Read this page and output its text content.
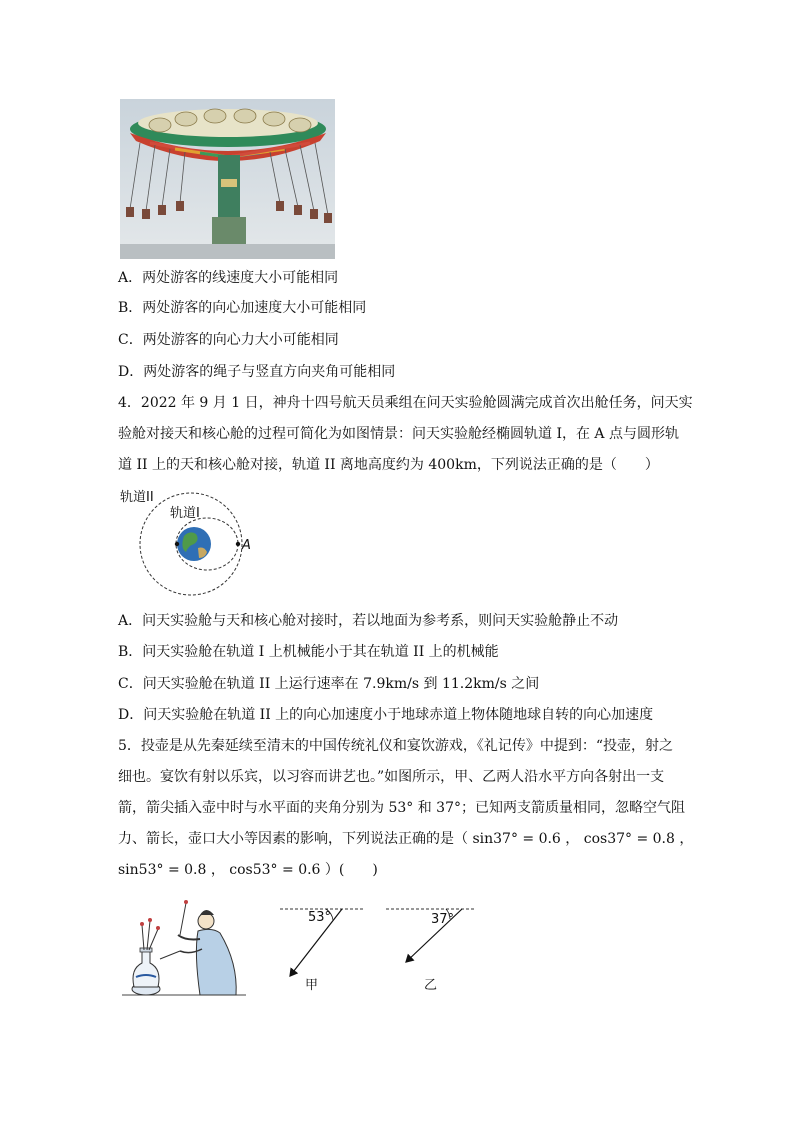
A．两处游客的线速度大小可能相同
B．两处游客的向心加速度大小可能相同
C．两处游客的向心力大小可能相同
D．两处游客的绳子与竖直方向夹角可能相同
4．2022 年 9 月 1 日，神舟十四号航天员乘组在问天实验舱圆满完成首次出舱任务，问天实
验舱对接天和核心舱的过程可简化为如图情景：问天实验舱经椭圆轨道 I，在 A 点与圆形轨
道 II 上的天和核心舱对接，轨道 II 离地高度约为 400km，下列说法正确的是（　　）
轨道II
轨道I
A
A．问天实验舱与天和核心舱对接时，若以地面为参考系，则问天实验舱静止不动
B．问天实验舱在轨道 I 上机械能小于其在轨道 II 上的机械能
C．问天实验舱在轨道 II 上运行速率在 7.9km/s 到 11.2km/s 之间
D．问天实验舱在轨道 II 上的向心加速度小于地球赤道上物体随地球自转的向心加速度
5．投壶是从先秦延续至清末的中国传统礼仪和宴饮游戏，《礼记传》中提到：“投壶，射之
细也。宴饮有射以乐宾，以习容而讲艺也。”如图所示，甲、乙两人沿水平方向各射出一支
箭，箭尖插入壶中时与水平面的夹角分别为 53° 和 37°；已知两支箭质量相同，忽略空气阻
力、箭长，壶口大小等因素的影响，下列说法正确的是（ sin37° = 0.6 ， cos37° = 0.8 ，
sin53° = 0.8 ， cos53° = 0.6 ）(　　)
53°
甲
37°
乙
